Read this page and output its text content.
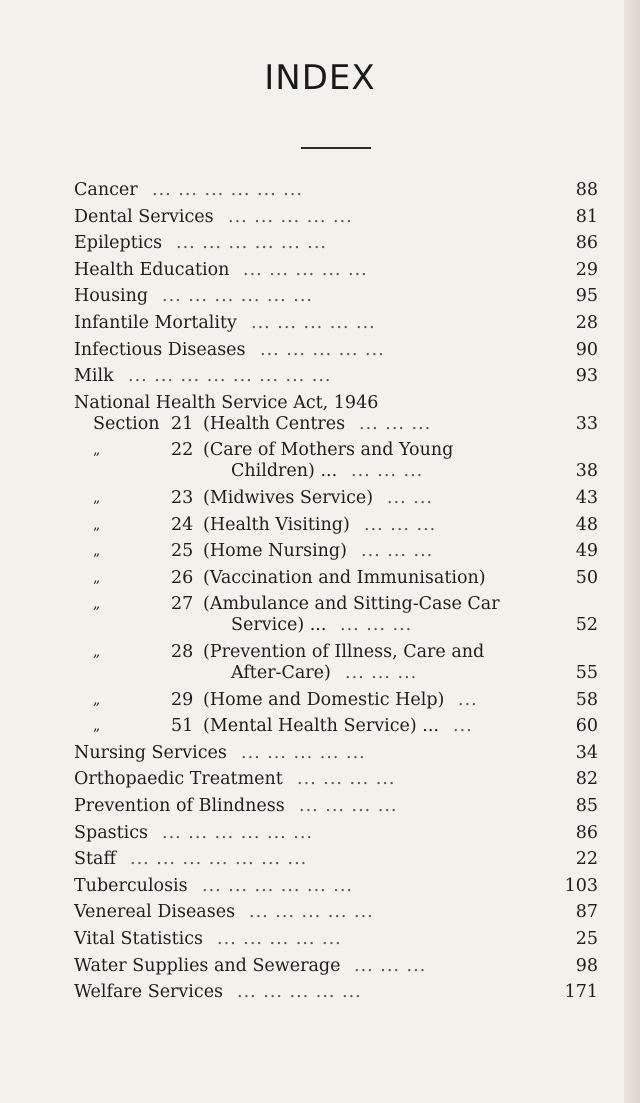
INDEX
Cancer ... ... ... ... ... ...	88
Dental Services ... ... ... ... ...	81
Epileptics ... ... ... ... ... ...	86
Health Education ... ... ... ... ...	29
Housing ... ... ... ... ... ...	95
Infantile Mortality ... ... ... ... ...	28
Infectious Diseases ... ... ... ... ...	90
Milk ... ... ... ... ... ... ... ...	93
National Health Service Act, 1946
Section 21 (Health Centres ... ... ...	33
„	22 (Care of Mothers and Young
Children) ... ... ... ...	38
„	23 (Midwives Service) ... ...	43
„	24 (Health Visiting) ... ... ...	48
„	25 (Home Nursing) ... ... ...	49
„	26 (Vaccination and Immunisation)	50
„	27 (Ambulance and Sitting-Case Car
Service) ... ... ... ...	52
„	28 (Prevention of Illness, Care and
After-Care) ... ... ...	55
„	29 (Home and Domestic Help) ...	58
„	51 (Mental Health Service) ... ...	60
Nursing Services ... ... ... ... ...	34
Orthopaedic Treatment ... ... ... ...	82
Prevention of Blindness ... ... ... ...	85
Spastics ... ... ... ... ... ...	86
Staff ... ... ... ... ... ... ...	22
Tuberculosis ... ... ... ... ... ...	103
Venereal Diseases ... ... ... ... ...	87
Vital Statistics ... ... ... ... ...	25
Water Supplies and Sewerage ... ... ...	98
Welfare Services ... ... ... ... ...	171
